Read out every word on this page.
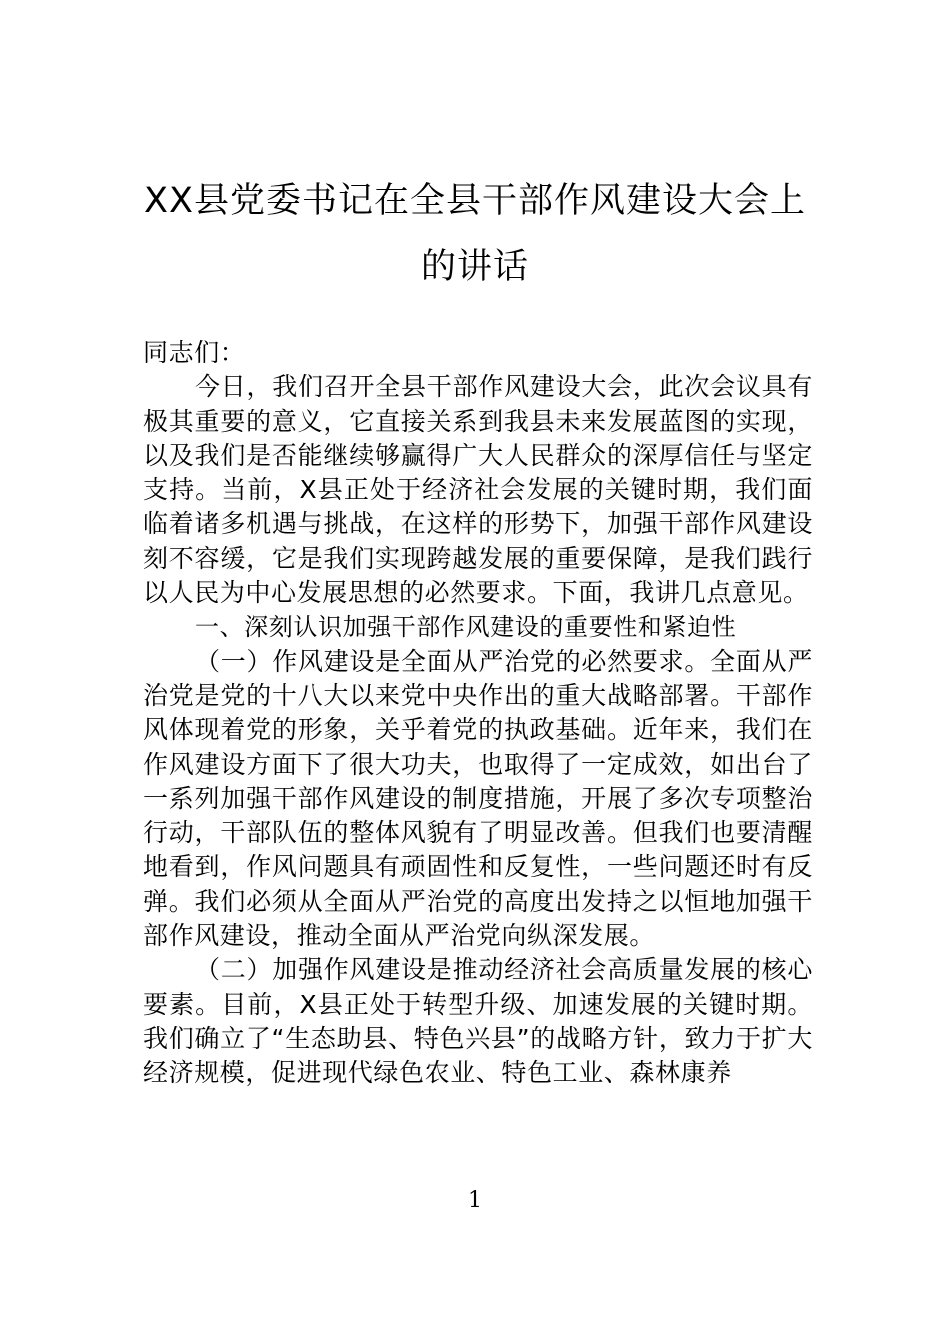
XX县党委书记在全县干部作风建设大会上
的讲话

同志们：

今日，我们召开全县干部作风建设大会，此次会议具有极其重要的意义，它直接关系到我县未来发展蓝图的实现，以及我们是否能继续够赢得广大人民群众的深厚信任与坚定支持。当前，X县正处于经济社会发展的关键时期，我们面临着诸多机遇与挑战，在这样的形势下，加强干部作风建设刻不容缓，它是我们实现跨越发展的重要保障，是我们践行以人民为中心发展思想的必然要求。下面，我讲几点意见。

一、深刻认识加强干部作风建设的重要性和紧迫性

（一）作风建设是全面从严治党的必然要求。全面从严治党是党的十八大以来党中央作出的重大战略部署。干部作风体现着党的形象，关乎着党的执政基础。近年来，我们在作风建设方面下了很大功夫，也取得了一定成效，如出台了一系列加强干部作风建设的制度措施，开展了多次专项整治行动，干部队伍的整体风貌有了明显改善。但我们也要清醒地看到，作风问题具有顽固性和反复性，一些问题还时有反弹。我们必须从全面从严治党的高度出发持之以恒地加强干部作风建设，推动全面从严治党向纵深发展。

（二）加强作风建设是推动经济社会高质量发展的核心要素。目前，X县正处于转型升级、加速发展的关键时期。我们确立了“生态助县、特色兴县”的战略方针，致力于扩大经济规模，促进现代绿色农业、特色工业、森林康养

1
